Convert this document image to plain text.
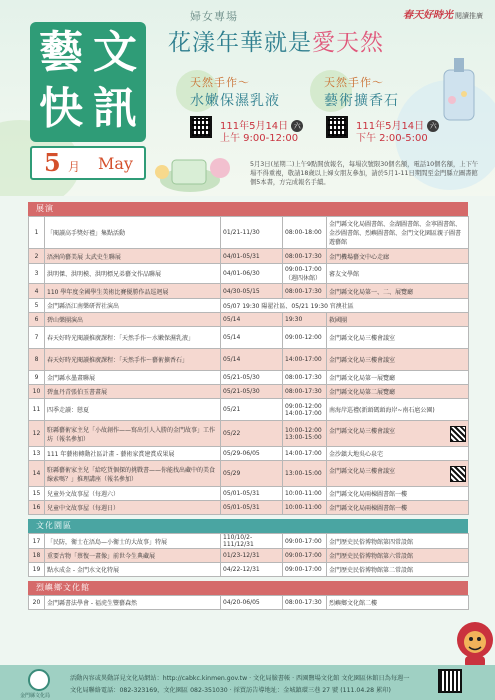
藝 文
快 訊
5 月 May
春天好時光 閱讀推廣
婦女專場
花漾年華就是愛天然
天然手作～
水嫩保濕乳液
111年5月14日 六
上午 9:00-12:00
天然手作～
藝術擴香石
111年5月14日 六
下午 2:00-5:00
5月3日(星期二)上午9點開放報名，每場次號限30個名額，電話10個名額，上下午場不得重複，敬請18歲以上婦女朋友參加，請於5月1-11日期間至金門縣立圖書館個5本書，方完成報名手續。
展演
1	「閱讀高手獎好禮」集點活動	01/21-11/30	08:00-18:00	金門縣文化局圖書館、金湖圖書館、金寧圖書館、金沙圖書館、烈嶼圖書館、金門文化園區親子圖書遊藝館
2	浯洲尚藝美展 太武史生聯展	04/01-05/31	08:00-17:30	金門機場藝文中心走廊
3	洪明傑、洪明模、洪明標兄弟藝文作品聯展	04/01-06/30	09:00-17:00（週四休館）	審友文學館
4	110 學年度全國學生美術比賽優勝作品巡迴展	04/30-05/15	08:00-17:30	金門縣文化局第一、二、展覽廳
5	金門縣浯江南樂研習社演出	05/07 19:30 陽翟社區、05/21 19:30 官澳社區		
6	碧山樂團演出	05/14	19:30	救國團
7	春天好時光閱讀推廣課程：「天然手作～水嫩保濕乳液」	05/14	09:00-12:00	金門縣文化局三樓會議室
8	春天好時光閱讀推廣課程：「天然手作～藝術擴香石」	05/14	14:00-17:00	金門縣文化局三樓會議室
9	金門縣水墨畫聯展	05/21-05/30	08:00-17:30	金門縣文化局第一展覽廳
10	碧血丹青張伯玉書畫展	05/21-05/30	08:00-17:30	金門縣文化局第二展覽廳
11	四季走讀：戀夏	05/21	09:00-12:00 14:00-17:00	南海岸巡禮(新頭碼頭海岸~南石扈公園)
12	駐縣藝術家主兒「小故創作——寫出引人入勝的金門故事」工作坊（報名參加）	05/22	10:00-12:00 13:00-15:00	金門縣文化局三樓會議室

13	111 年藝術轉動社區計畫 - 藝術家賞建賞成果展	05/29-06/05	14:00-17:00	金沙鎮大地吳心泉宅
14	駐縣藝術家主兒「給吃貨個探的挑戰書——你能找出藏中的美食線索嗎？」推理講座（報名參加）	05/29	13:00-15:00	金門縣文化局三樓會議室

15	兒童外文故事屋（每週六）	05/01-05/31	10:00-11:00	金門縣文化局兩棟圖書館一樓
16	兒童中文故事屋（每週日）	05/01-05/31	10:00-11:00	金門縣文化局兩棟圖書館一樓
文化園區
17	「民防，衛士在浯島—小衛士的大故事」特展	110/10/2-111/12/31	09:00-17:00	金門歷史民俗博物館第四常設館
18	重要古物「蔡復一畫像」前世今生典藏展	01/23-12/31	09:00-17:00	金門歷史民俗博物館第六常設館
19	點水成金 - 金門水文化特展	04/22-12/31	09:00-17:00	金門歷史民俗博物館第二常設館
烈嶼鄉文化館
20	金門縣書法學會 - 福虎生豐藝森然	04/20-06/05	08:00-17:30	烈嶼鄉文化館二樓
金門縣文化局
活動內容或異動詳見文化局網站：http://cabkc.kinmen.gov.tw · 文化局臉書帳 · 西園鹽場文化館 文化園區休館日為每週一
文化局聯絡電話：082-323169，文化園區 082-351030 · 採買訪告導地址：金城鎮環三巷 27 號 (111.04.28 累印)
